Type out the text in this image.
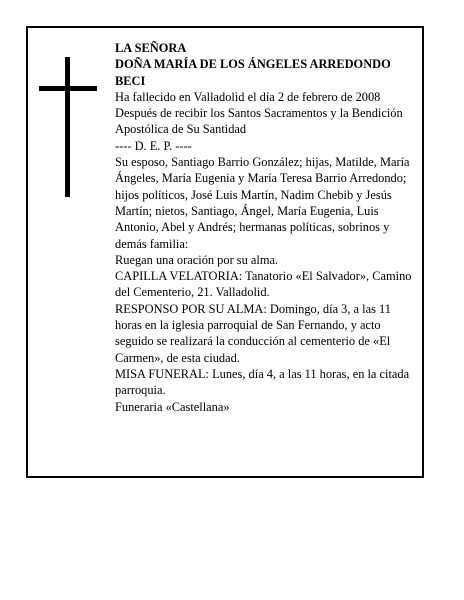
LA SEÑORA

DOÑA MARÍA DE LOS ÁNGELES ARREDONDO BECI

Ha fallecido en Valladolid el día 2 de febrero de 2008

Después de recibir los Santos Sacramentos y la Bendición Apostólica de Su Santidad

---- D. E. P. ----

Su esposo, Santiago Barrio González; hijas, Matilde, María Ángeles, María Eugenia y María Teresa Barrio Arredondo; hijos políticos, José Luis Martín, Nadim Chebib y Jesús Martín; nietos, Santiago, Ángel, María Eugenia, Luis Antonio, Abel y Andrés; hermanas políticas, sobrinos y demás familia:

Ruegan una oración por su alma.

CAPILLA VELATORIA: Tanatorio «El Salvador», Camino del Cementerio, 21. Valladolid.

RESPONSO POR SU ALMA: Domingo, día 3, a las 11 horas en la iglesia parroquial de San Fernando, y acto seguido se realizará la conducción al cementerio de «El Carmen», de esta ciudad.

MISA FUNERAL: Lunes, día 4, a las 11 horas, en la citada parroquia.

Funeraria «Castellana»
